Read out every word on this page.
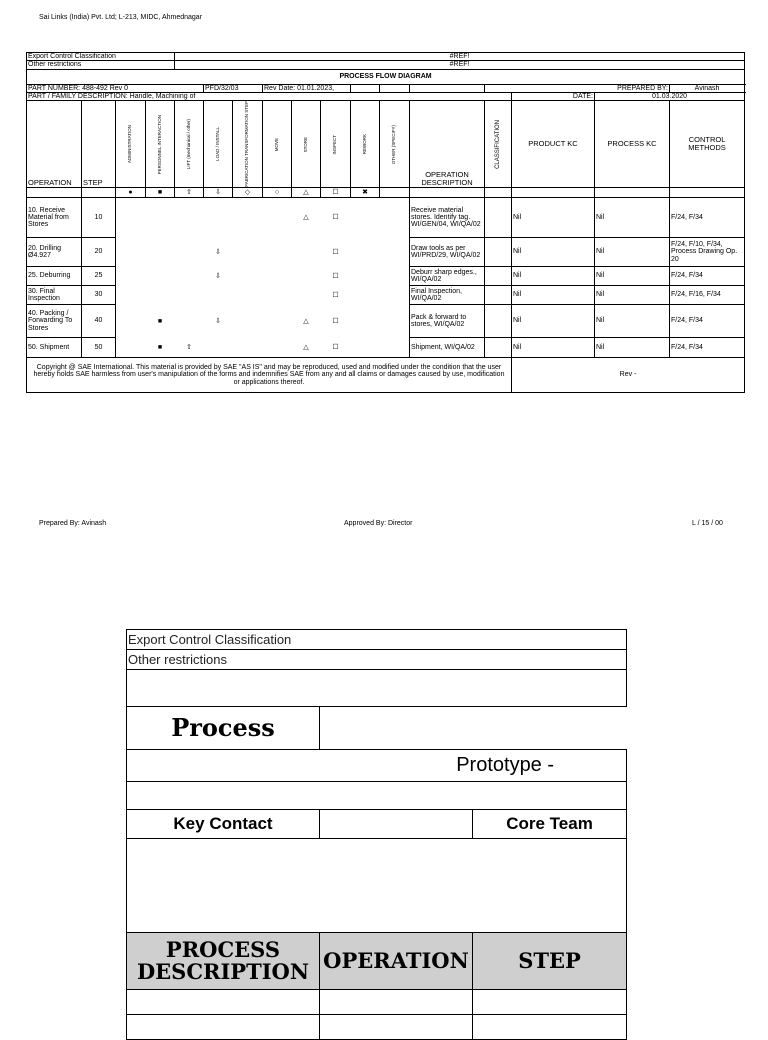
Sai Links (India) Pvt. Ltd; L-213, MIDC, Ahmednagar
Export Control Classification				#REF!												
Other restrictions				#REF!												
PROCESS FLOW DIAGRAM																
PART NUMBER: 488-492 Rev 0					PFD/32/03		Rev Date: 01.01.2023,						PREPARED BY:			Avinash
PART / FAMILY DESCRIPTION: Handle, Machining of														DATE:	01.03.2020	
OPERATION	STEP	ADMINISTRATION	PERSONNEL INTERACTION	LIFT (mechanical / other)	LOAD / INSTALL	FABRICATION TRANSFORMATION STEP	MOVE	STORE	INSPECT	REWORK	OTHER (SPECIFY)	OPERATION DESCRIPTION	CLASSIFICATION	PRODUCT KC	PROCESS KC	CONTROL METHODS
		●	■	⇧	⇩	◇	○	△	☐	✖						
10. Receive Material from Stores	10							△	☐			Receive material stores. Identify tag. WI/GEN/04, WI/QA/02		Nil	Nil	F/24, F/34
20. Drilling Ø4.927	20				⇩				☐			Draw tools as per WI/PRD/29, WI/QA/02		Nil	Nil	F/24, F/10, F/34, Process Drawing Op. 20
25. Deburring	25				⇩				☐			Deburr sharp edges., WI/QA/02		Nil	Nil	F/24, F/34
30. Final Inspection	30								☐			Final Inspection, WI/QA/02		Nil	Nil	F/24, F/16, F/34
40. Packing / Forwarding To Stores	40		■		⇩			△	☐			Pack & forward to stores, WI/QA/02		Nil	Nil	F/24, F/34
50. Shipment	50		■	⇧				△	☐			Shipment, WI/QA/02		Nil	Nil	F/24, F/34
Copyright @ SAE International. This material is provided by SAE "AS IS" and may be reproduced, used and modified under the condition that the user hereby holds SAE harmless from user's manipulation of the forms and indemnifies SAE from any and all claims or damages caused by use, modification or applications thereof.														Rev -		
Prepared By: Avinash	Approved By: Director	L / 15 / 00
Export Control Classification		
Other restrictions		

Process		
Prototype -		

Key Contact		Core Team

PROCESS DESCRIPTION	OPERATION	STEP
